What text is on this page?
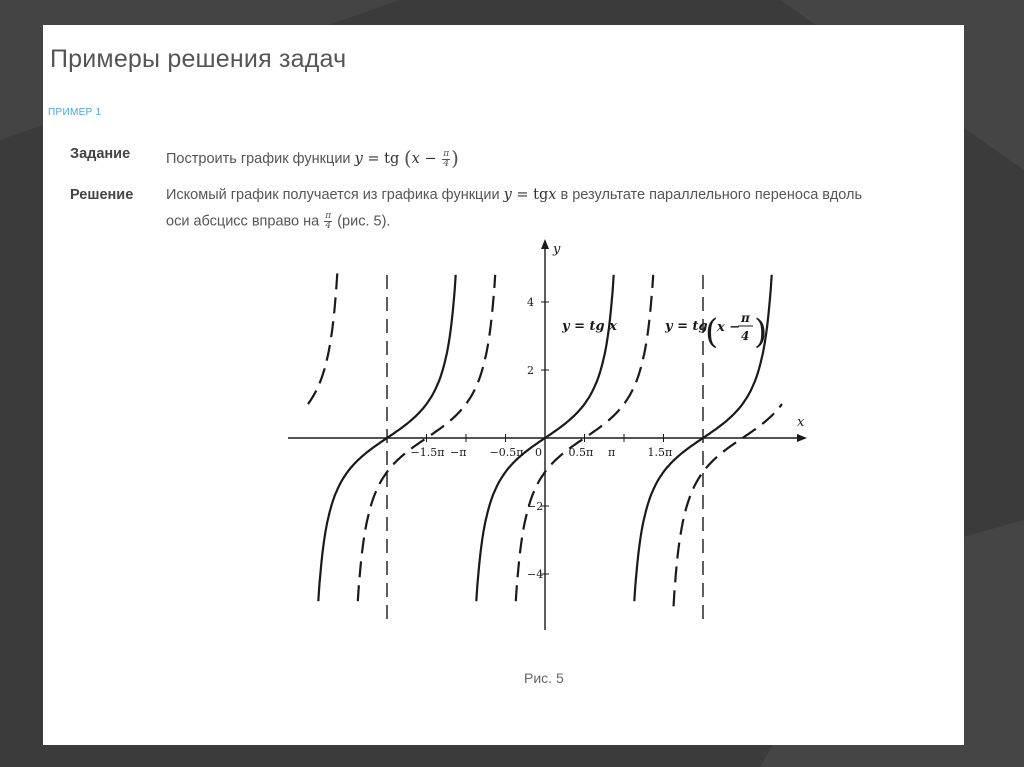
Примеры решения задач
ПРИМЕР 1
Задание Построить график функции y = tg ($x - \frac{\pi}{4}$ )
Решение Искомый график получается из графика функции y = tgx в результате параллельного переноса вдоль
оси абсцисс вправо на $\frac{\pi}{4} (рис$. 5).
x
y
−1.5π −π −0.5π 0 0.5π π	1.5π
4
2
−2
−4
y = tg x	y = tg
(
x −
π
4 )
Рис. 5
